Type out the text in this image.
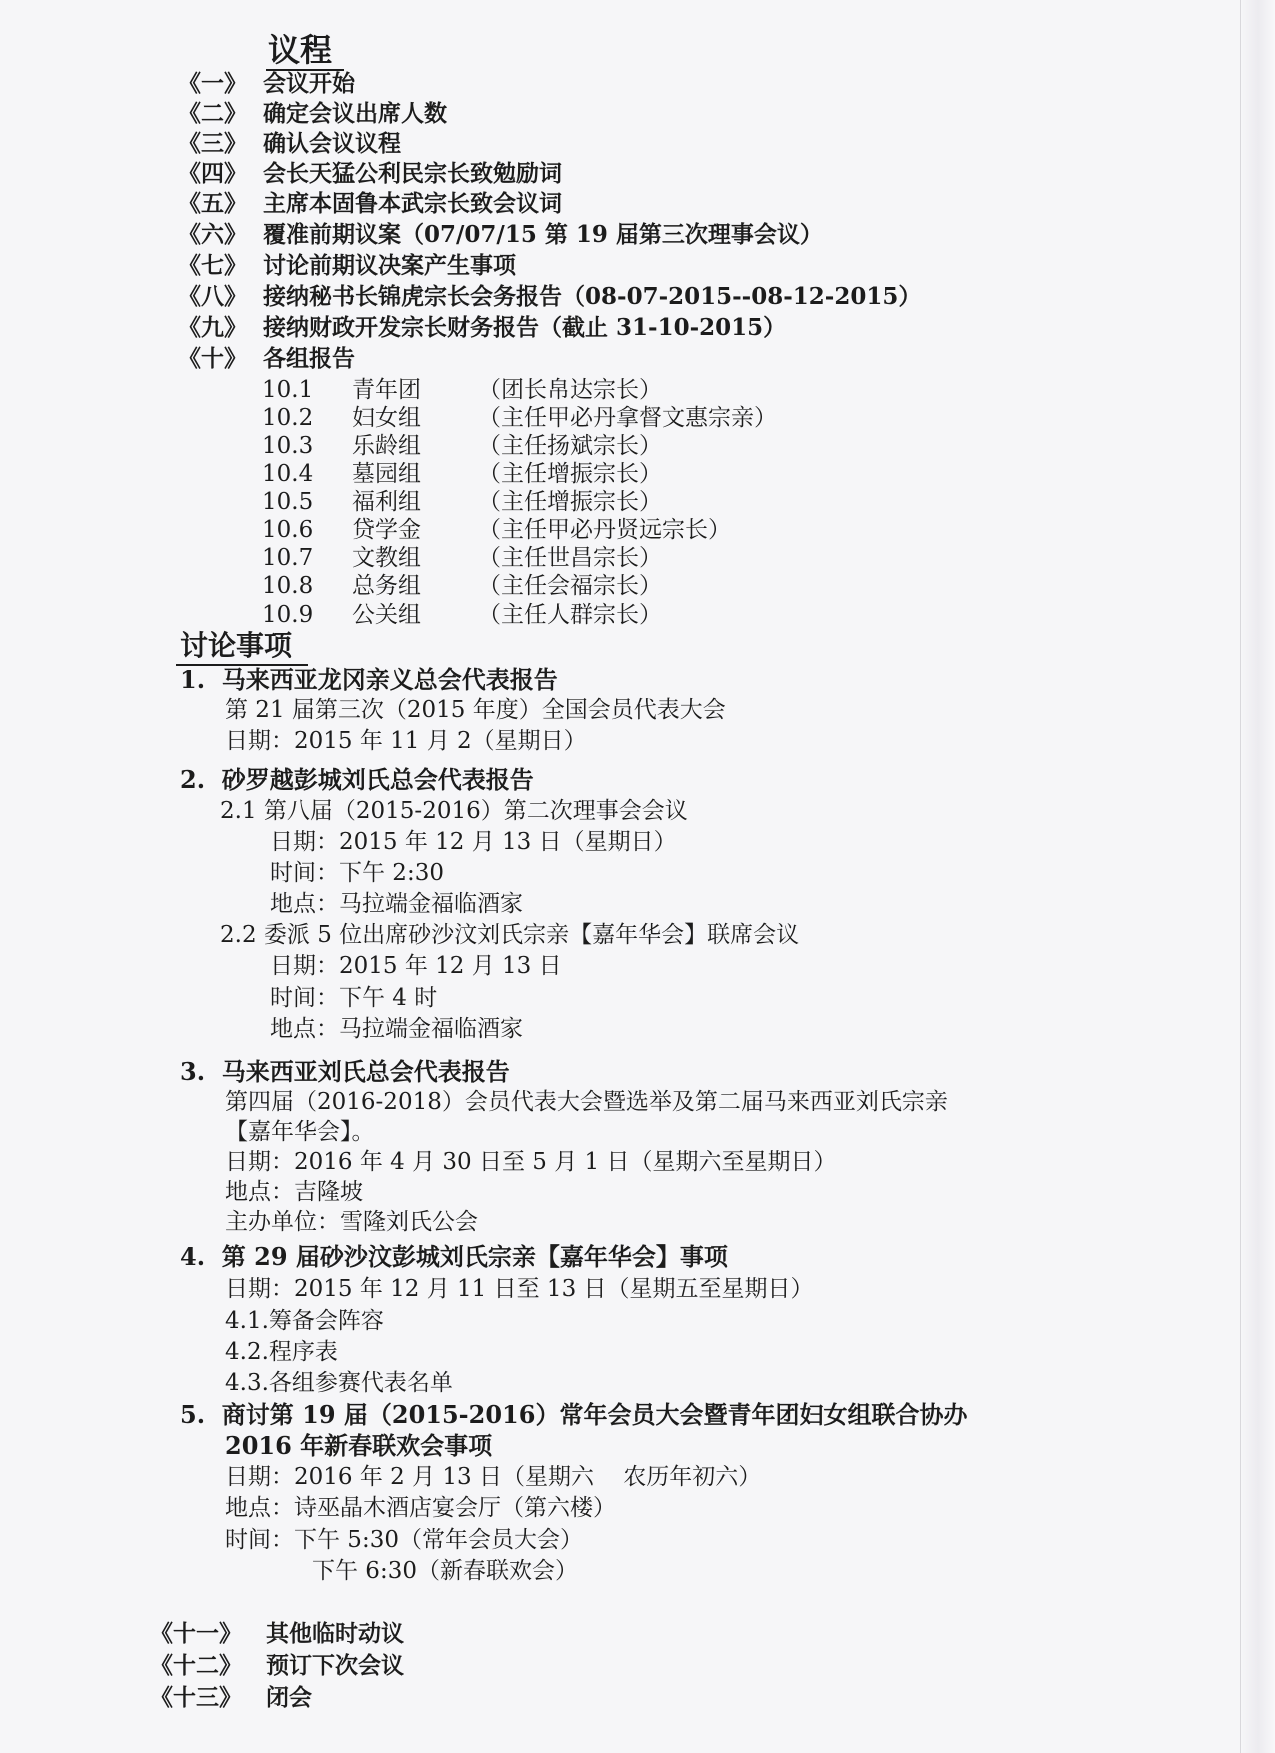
议程
《一》 会议开始
《二》 确定会议出席人数
《三》 确认会议议程
《四》 会长天猛公利民宗长致勉励词
《五》 主席本固鲁本武宗长致会议词
《六》 覆准前期议案（07/07/15 第 19 届第三次理事会议）
《七》 讨论前期议决案产生事项
《八》 接纳秘书长锦虎宗长会务报告（08-07-2015--08-12-2015）
《九》 接纳财政开发宗长财务报告（截止 31-10-2015）
《十》 各组报告
10.1 青年团 （团长帛达宗长）
10.2 妇女组 （主任甲必丹拿督文惠宗亲）
10.3 乐龄组 （主任扬斌宗长）
10.4 墓园组 （主任增振宗长）
10.5 福利组 （主任增振宗长）
10.6 贷学金 （主任甲必丹贤远宗长）
10.7 文教组 （主任世昌宗长）
10.8 总务组 （主任会福宗长）
10.9 公关组 （主任人群宗长）
讨论事项
1. 马来西亚龙冈亲义总会代表报告
第 21 届第三次（2015 年度）全国会员代表大会
日期：2015 年 11 月 2（星期日）
2. 砂罗越彭城刘氏总会代表报告
2.1 第八届（2015-2016）第二次理事会会议
日期：2015 年 12 月 13 日（星期日）
时间：下午 2:30
地点：马拉端金福临酒家
2.2 委派 5 位出席砂沙汶刘氏宗亲【嘉年华会】联席会议
日期：2015 年 12 月 13 日
时间：下午 4 时
地点：马拉端金福临酒家
3. 马来西亚刘氏总会代表报告
第四届（2016-2018）会员代表大会暨选举及第二届马来西亚刘氏宗亲
【嘉年华会】。
日期：2016 年 4 月 30 日至 5 月 1 日（星期六至星期日）
地点：吉隆坡
主办单位：雪隆刘氏公会
4. 第 29 届砂沙汶彭城刘氏宗亲【嘉年华会】事项
日期：2015 年 12 月 11 日至 13 日（星期五至星期日）
4.1.筹备会阵容
4.2.程序表
4.3.各组参赛代表名单
5. 商讨第 19 届（2015-2016）常年会员大会暨青年团妇女组联合协办
2016 年新春联欢会事项
日期：2016 年 2 月 13 日（星期六    农历年初六）
地点：诗巫晶木酒店宴会厅（第六楼）
时间：下午 5:30（常年会员大会）
下午 6:30（新春联欢会）
《十一》 其他临时动议
《十二》 预订下次会议
《十三》 闭会
